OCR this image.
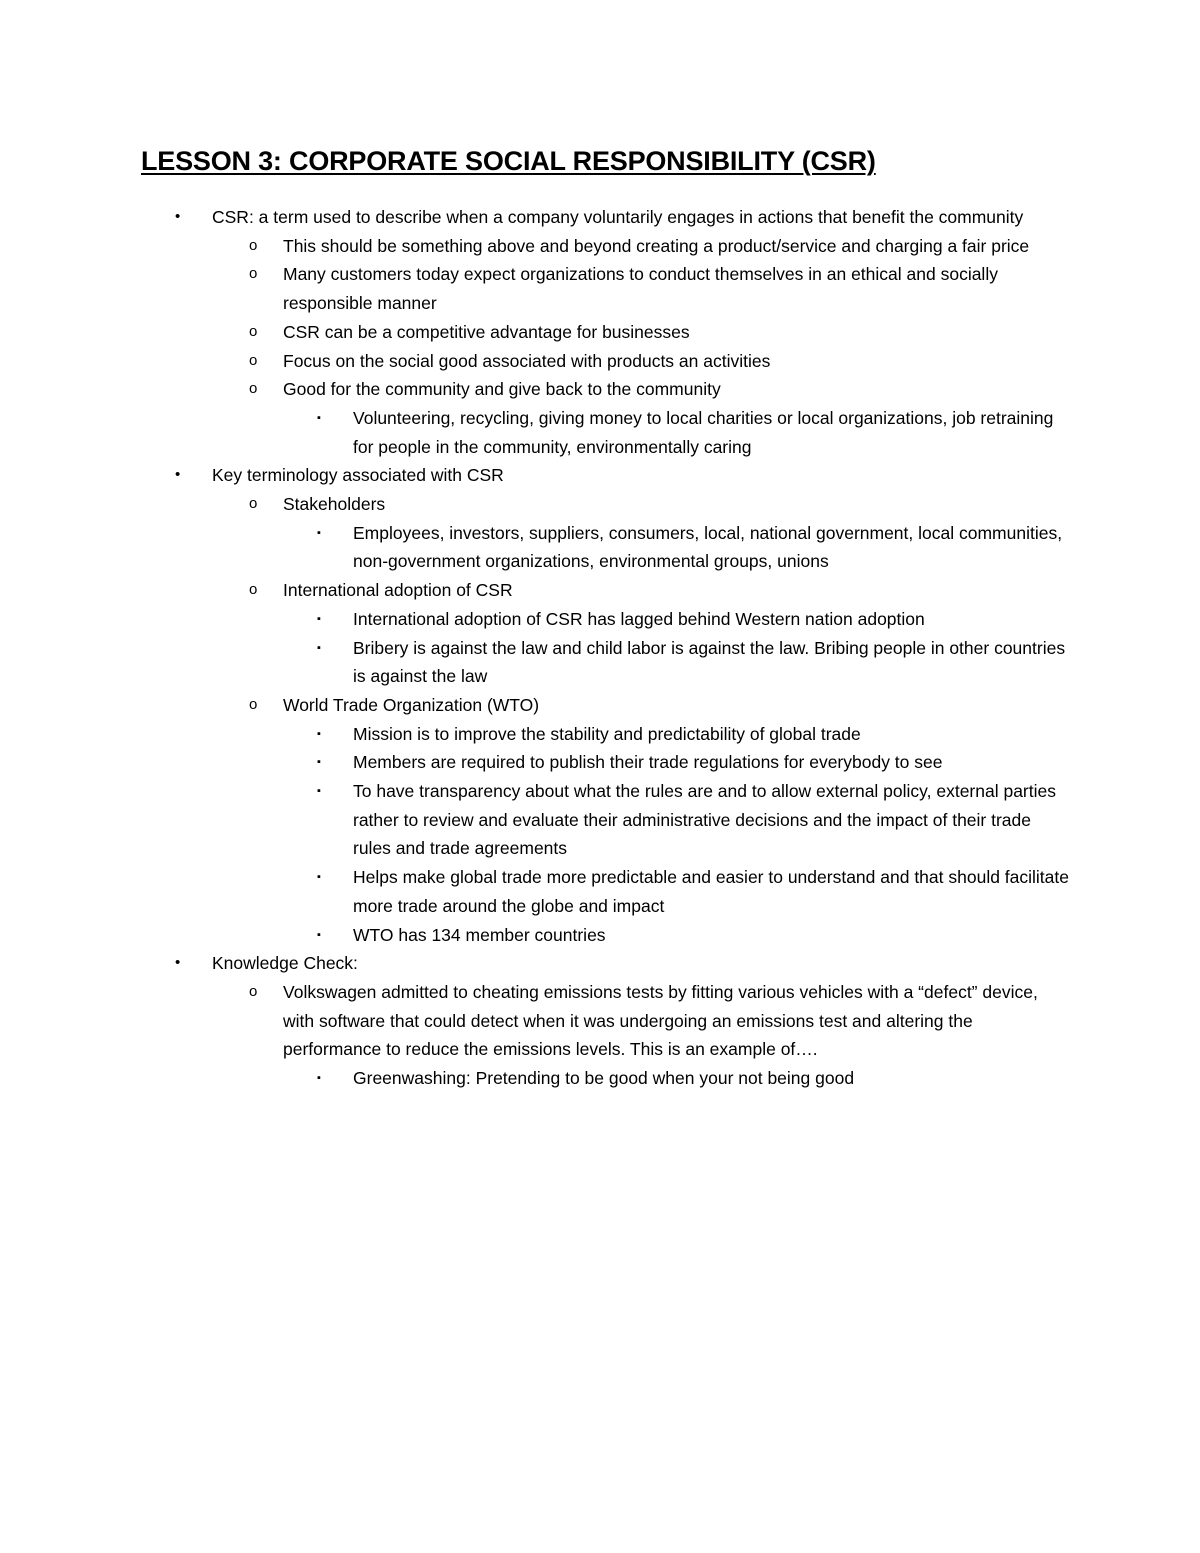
LESSON 3: CORPORATE SOCIAL RESPONSIBILITY (CSR)
• CSR: a term used to describe when a company voluntarily engages in actions that benefit the community
o This should be something above and beyond creating a product/service and charging a fair price
o Many customers today expect organizations to conduct themselves in an ethical and socially responsible manner
o CSR can be a competitive advantage for businesses
o Focus on the social good associated with products an activities
o Good for the community and give back to the community
▪ Volunteering, recycling, giving money to local charities or local organizations, job retraining for people in the community, environmentally caring
• Key terminology associated with CSR
o Stakeholders
▪ Employees, investors, suppliers, consumers, local, national government, local communities, non-government organizations, environmental groups, unions
o International adoption of CSR
▪ International adoption of CSR has lagged behind Western nation adoption
▪ Bribery is against the law and child labor is against the law. Bribing people in other countries is against the law
o World Trade Organization (WTO)
▪ Mission is to improve the stability and predictability of global trade
▪ Members are required to publish their trade regulations for everybody to see
▪ To have transparency about what the rules are and to allow external policy, external parties rather to review and evaluate their administrative decisions and the impact of their trade rules and trade agreements
▪ Helps make global trade more predictable and easier to understand and that should facilitate more trade around the globe and impact
▪ WTO has 134 member countries
• Knowledge Check:
o Volkswagen admitted to cheating emissions tests by fitting various vehicles with a “defect” device, with software that could detect when it was undergoing an emissions test and altering the performance to reduce the emissions levels. This is an example of….
▪ Greenwashing: Pretending to be good when your not being good
